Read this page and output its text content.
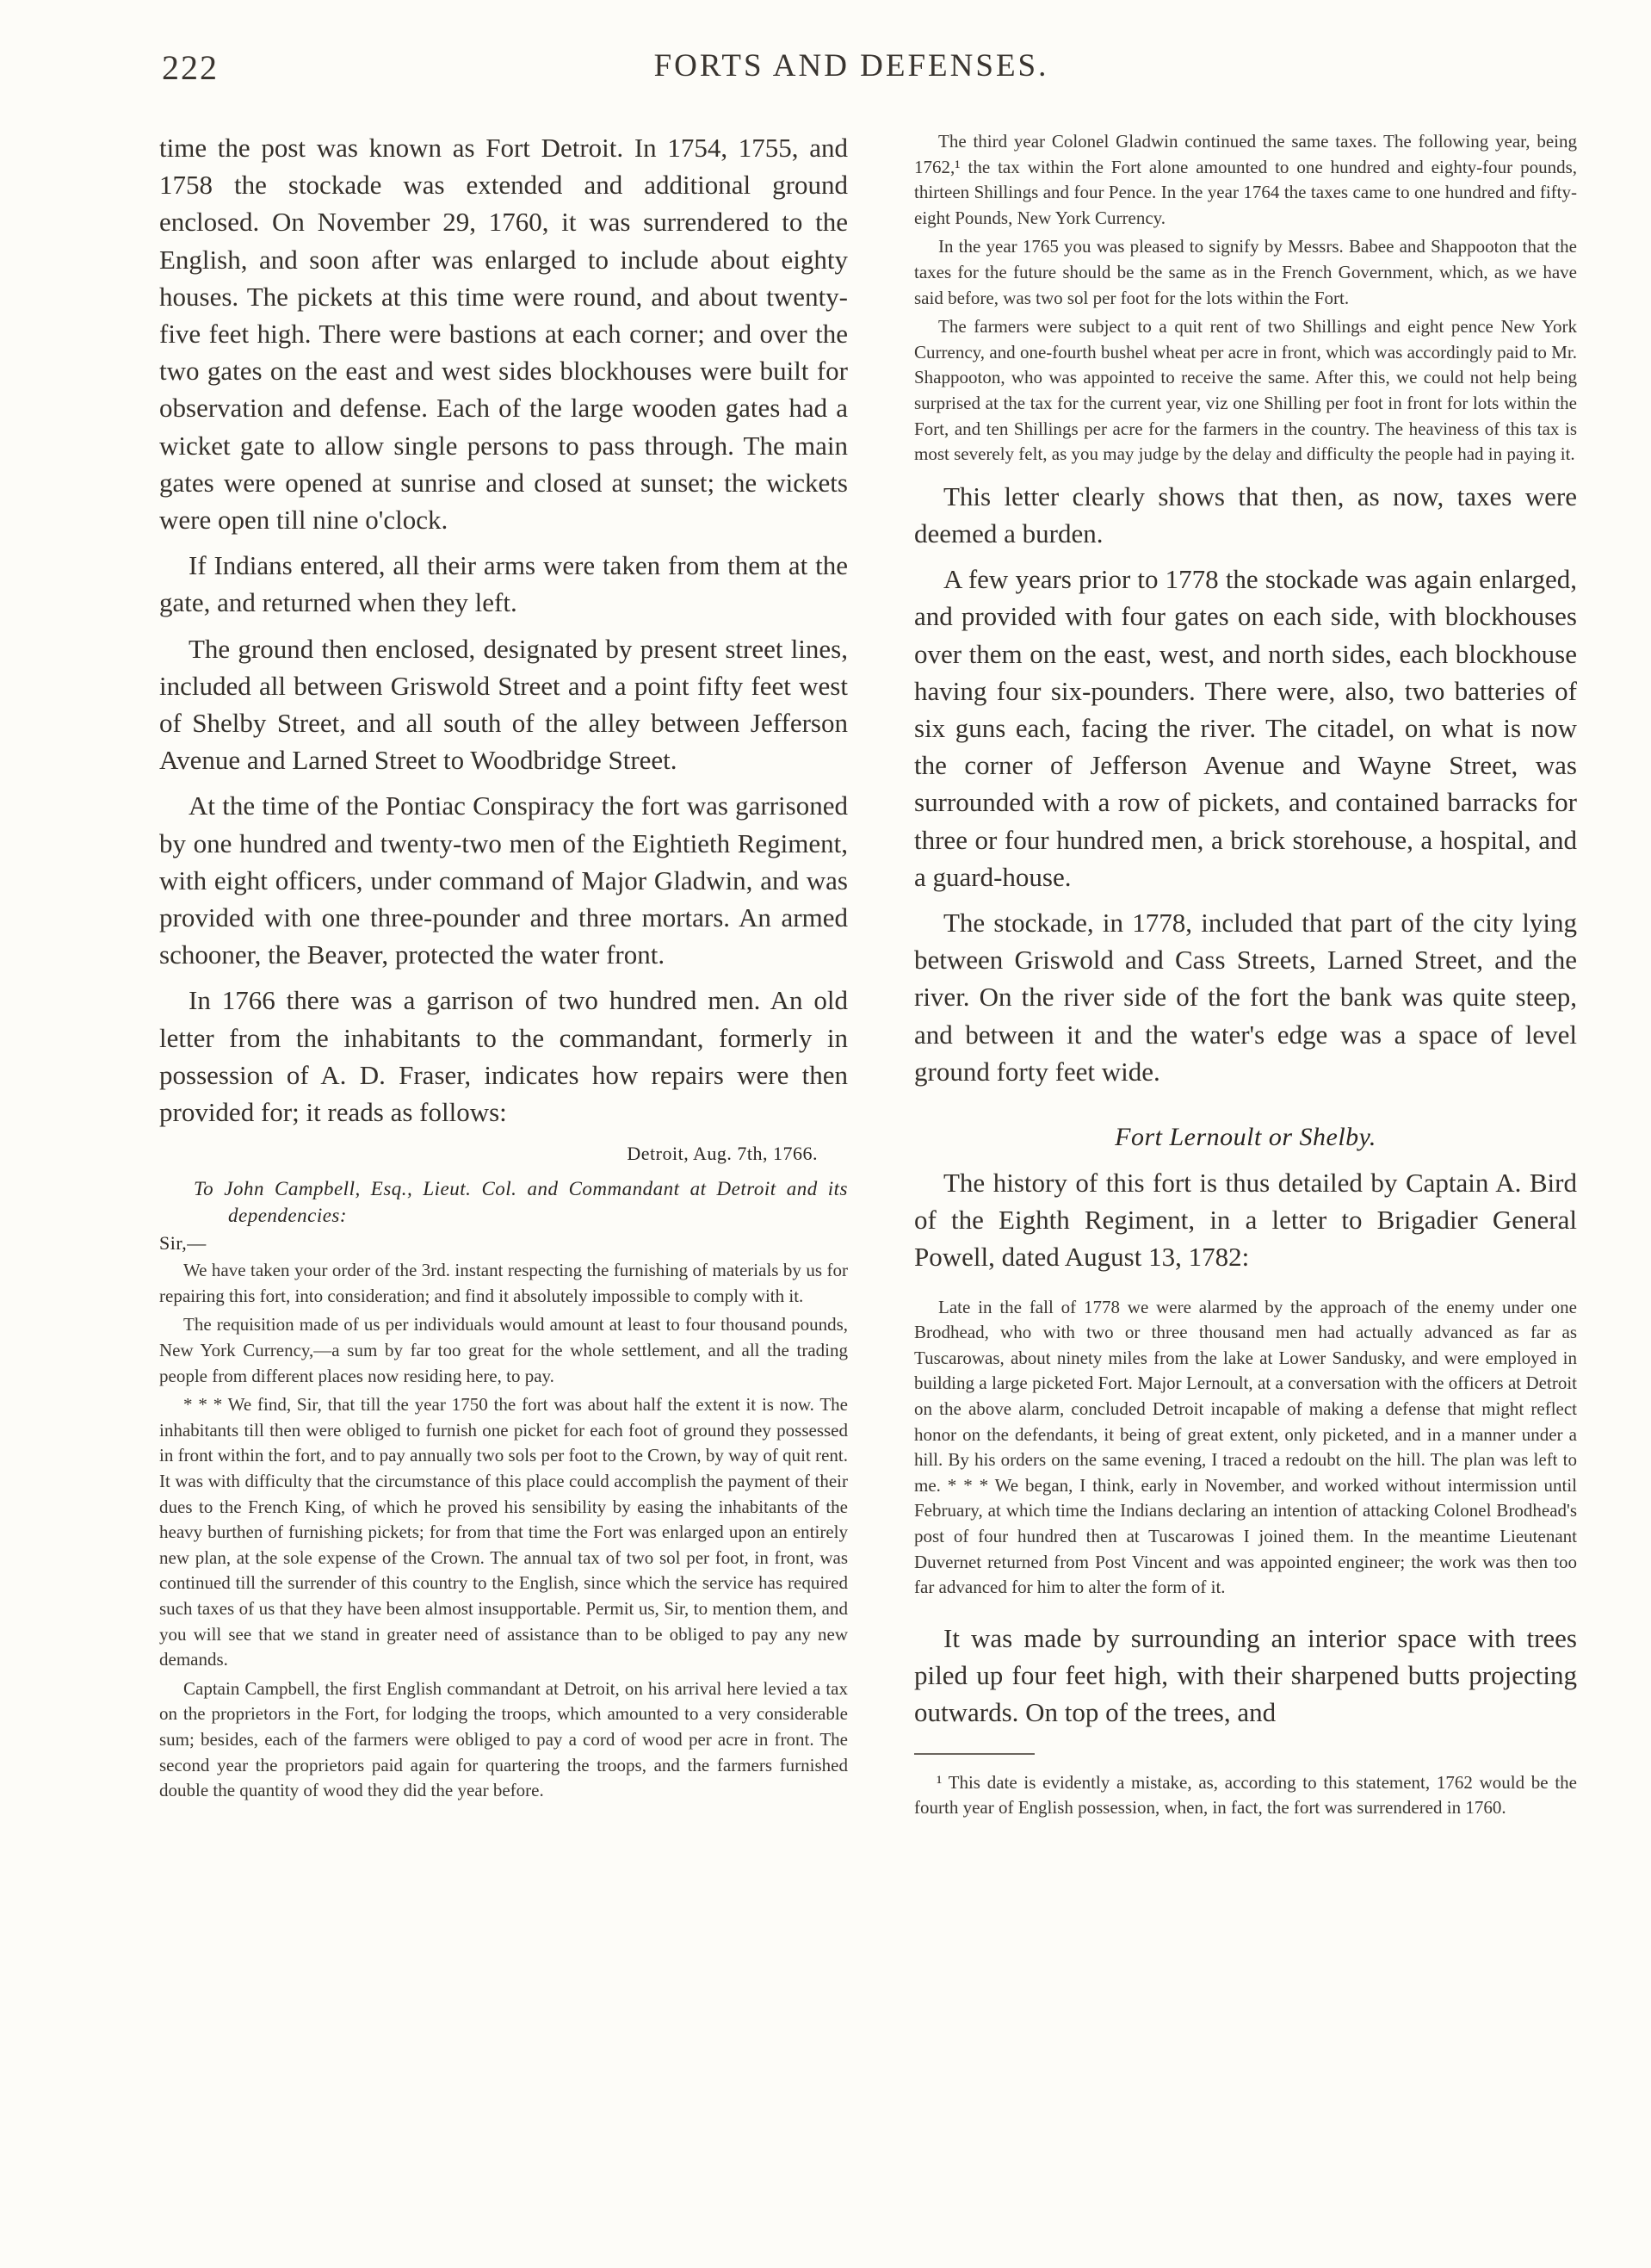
222	FORTS AND DEFENSES.

time the post was known as Fort Detroit. In 1754, 1755, and 1758 the stockade was extended and additional ground enclosed. On November 29, 1760, it was surrendered to the English, and soon after was enlarged to include about eighty houses. The pickets at this time were round, and about twenty-five feet high. There were bastions at each corner; and over the two gates on the east and west sides blockhouses were built for observation and defense. Each of the large wooden gates had a wicket gate to allow single persons to pass through. The main gates were opened at sunrise and closed at sunset; the wickets were open till nine o'clock.

If Indians entered, all their arms were taken from them at the gate, and returned when they left.

The ground then enclosed, designated by present street lines, included all between Griswold Street and a point fifty feet west of Shelby Street, and all south of the alley between Jefferson Avenue and Larned Street to Woodbridge Street.

At the time of the Pontiac Conspiracy the fort was garrisoned by one hundred and twenty-two men of the Eightieth Regiment, with eight officers, under command of Major Gladwin, and was provided with one three-pounder and three mortars. An armed schooner, the Beaver, protected the water front.

In 1766 there was a garrison of two hundred men. An old letter from the inhabitants to the commandant, formerly in possession of A. D. Fraser, indicates how repairs were then provided for; it reads as follows:

Detroit, Aug. 7th, 1766.

To John Campbell, Esq., Lieut. Col. and Commandant at Detroit and its dependencies:

Sir,—

We have taken your order of the 3rd. instant respecting the furnishing of materials by us for repairing this fort, into consideration; and find it absolutely impossible to comply with it.

The requisition made of us per individuals would amount at least to four thousand pounds, New York Currency,—a sum by far too great for the whole settlement, and all the trading people from different places now residing here, to pay.

* * * We find, Sir, that till the year 1750 the fort was about half the extent it is now. The inhabitants till then were obliged to furnish one picket for each foot of ground they possessed in front within the fort, and to pay annually two sols per foot to the Crown, by way of quit rent. It was with difficulty that the circumstance of this place could accomplish the payment of their dues to the French King, of which he proved his sensibility by easing the inhabitants of the heavy burthen of furnishing pickets; for from that time the Fort was enlarged upon an entirely new plan, at the sole expense of the Crown. The annual tax of two sol per foot, in front, was continued till the surrender of this country to the English, since which the service has required such taxes of us that they have been almost insupportable. Permit us, Sir, to mention them, and you will see that we stand in greater need of assistance than to be obliged to pay any new demands.

Captain Campbell, the first English commandant at Detroit, on his arrival here levied a tax on the proprietors in the Fort, for lodging the troops, which amounted to a very considerable sum; besides, each of the farmers were obliged to pay a cord of wood per acre in front. The second year the proprietors paid again for quartering the troops, and the farmers furnished double the quantity of wood they did the year before.

The third year Colonel Gladwin continued the same taxes. The following year, being 1762,¹ the tax within the Fort alone amounted to one hundred and eighty-four pounds, thirteen Shillings and four Pence. In the year 1764 the taxes came to one hundred and fifty-eight Pounds, New York Currency.

In the year 1765 you was pleased to signify by Messrs. Babee and Shappooton that the taxes for the future should be the same as in the French Government, which, as we have said before, was two sol per foot for the lots within the Fort.

The farmers were subject to a quit rent of two Shillings and eight pence New York Currency, and one-fourth bushel wheat per acre in front, which was accordingly paid to Mr. Shappooton, who was appointed to receive the same. After this, we could not help being surprised at the tax for the current year, viz one Shilling per foot in front for lots within the Fort, and ten Shillings per acre for the farmers in the country. The heaviness of this tax is most severely felt, as you may judge by the delay and difficulty the people had in paying it.

This letter clearly shows that then, as now, taxes were deemed a burden.

A few years prior to 1778 the stockade was again enlarged, and provided with four gates on each side, with blockhouses over them on the east, west, and north sides, each blockhouse having four six-pounders. There were, also, two batteries of six guns each, facing the river. The citadel, on what is now the corner of Jefferson Avenue and Wayne Street, was surrounded with a row of pickets, and contained barracks for three or four hundred men, a brick storehouse, a hospital, and a guard-house.

The stockade, in 1778, included that part of the city lying between Griswold and Cass Streets, Larned Street, and the river. On the river side of the fort the bank was quite steep, and between it and the water's edge was a space of level ground forty feet wide.

Fort Lernoult or Shelby.

The history of this fort is thus detailed by Captain A. Bird of the Eighth Regiment, in a letter to Brigadier General Powell, dated August 13, 1782:

Late in the fall of 1778 we were alarmed by the approach of the enemy under one Brodhead, who with two or three thousand men had actually advanced as far as Tuscarowas, about ninety miles from the lake at Lower Sandusky, and were employed in building a large picketed Fort. Major Lernoult, at a conversation with the officers at Detroit on the above alarm, concluded Detroit incapable of making a defense that might reflect honor on the defendants, it being of great extent, only picketed, and in a manner under a hill. By his orders on the same evening, I traced a redoubt on the hill. The plan was left to me. * * * We began, I think, early in November, and worked without intermission until February, at which time the Indians declaring an intention of attacking Colonel Brodhead's post of four hundred then at Tuscarowas I joined them. In the meantime Lieutenant Duvernet returned from Post Vincent and was appointed engineer; the work was then too far advanced for him to alter the form of it.

It was made by surrounding an interior space with trees piled up four feet high, with their sharpened butts projecting outwards. On top of the trees, and

¹ This date is evidently a mistake, as, according to this statement, 1762 would be the fourth year of English possession, when, in fact, the fort was surrendered in 1760.
